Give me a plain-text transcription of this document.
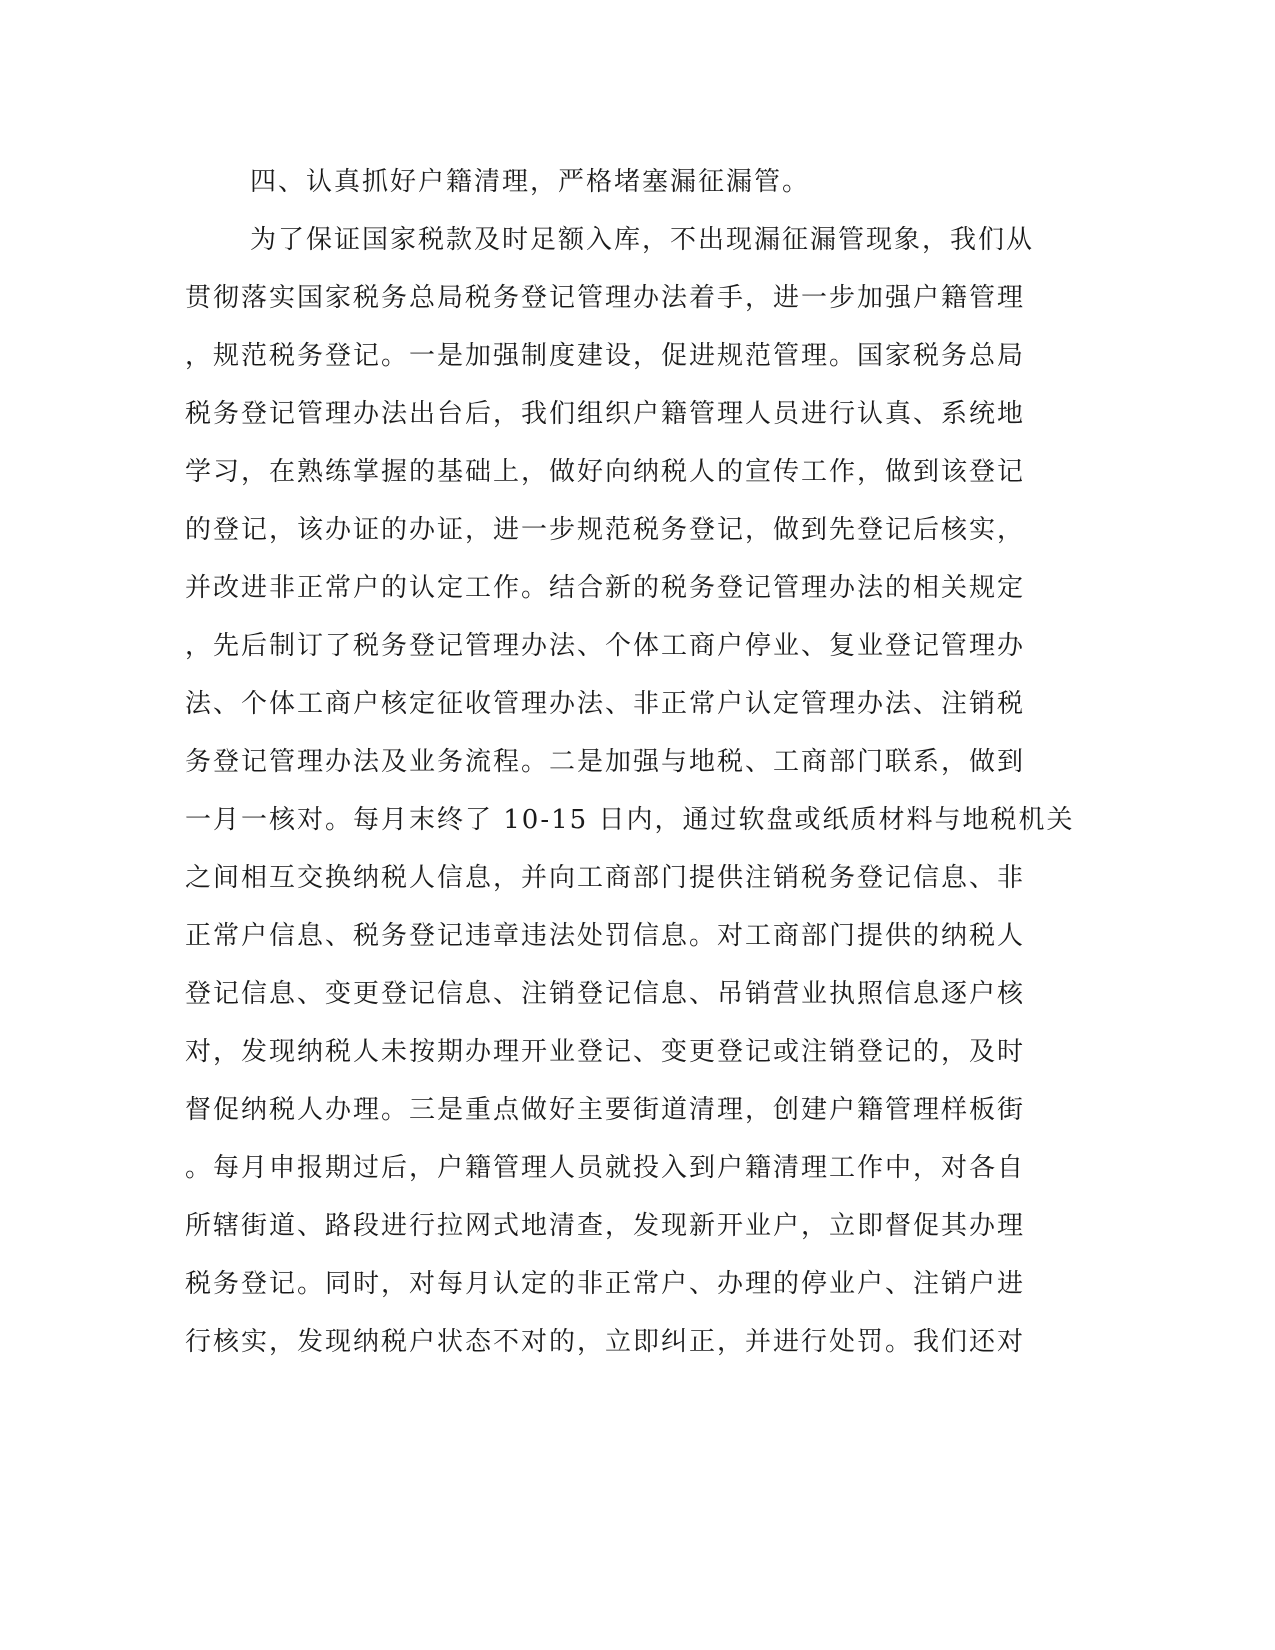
四、认真抓好户籍清理，严格堵塞漏征漏管。
为了保证国家税款及时足额入库，不出现漏征漏管现象，我们从
贯彻落实国家税务总局税务登记管理办法着手，进一步加强户籍管理
，规范税务登记。一是加强制度建设，促进规范管理。国家税务总局
税务登记管理办法出台后，我们组织户籍管理人员进行认真、系统地
学习，在熟练掌握的基础上，做好向纳税人的宣传工作，做到该登记
的登记，该办证的办证，进一步规范税务登记，做到先登记后核实，
并改进非正常户的认定工作。结合新的税务登记管理办法的相关规定
，先后制订了税务登记管理办法、个体工商户停业、复业登记管理办
法、个体工商户核定征收管理办法、非正常户认定管理办法、注销税
务登记管理办法及业务流程。二是加强与地税、工商部门联系，做到
一月一核对。每月末终了 10-15 日内，通过软盘或纸质材料与地税机关
之间相互交换纳税人信息，并向工商部门提供注销税务登记信息、非
正常户信息、税务登记违章违法处罚信息。对工商部门提供的纳税人
登记信息、变更登记信息、注销登记信息、吊销营业执照信息逐户核
对，发现纳税人未按期办理开业登记、变更登记或注销登记的，及时
督促纳税人办理。三是重点做好主要街道清理，创建户籍管理样板街
。每月申报期过后，户籍管理人员就投入到户籍清理工作中，对各自
所辖街道、路段进行拉网式地清查，发现新开业户，立即督促其办理
税务登记。同时，对每月认定的非正常户、办理的停业户、注销户进
行核实，发现纳税户状态不对的，立即纠正，并进行处罚。我们还对
